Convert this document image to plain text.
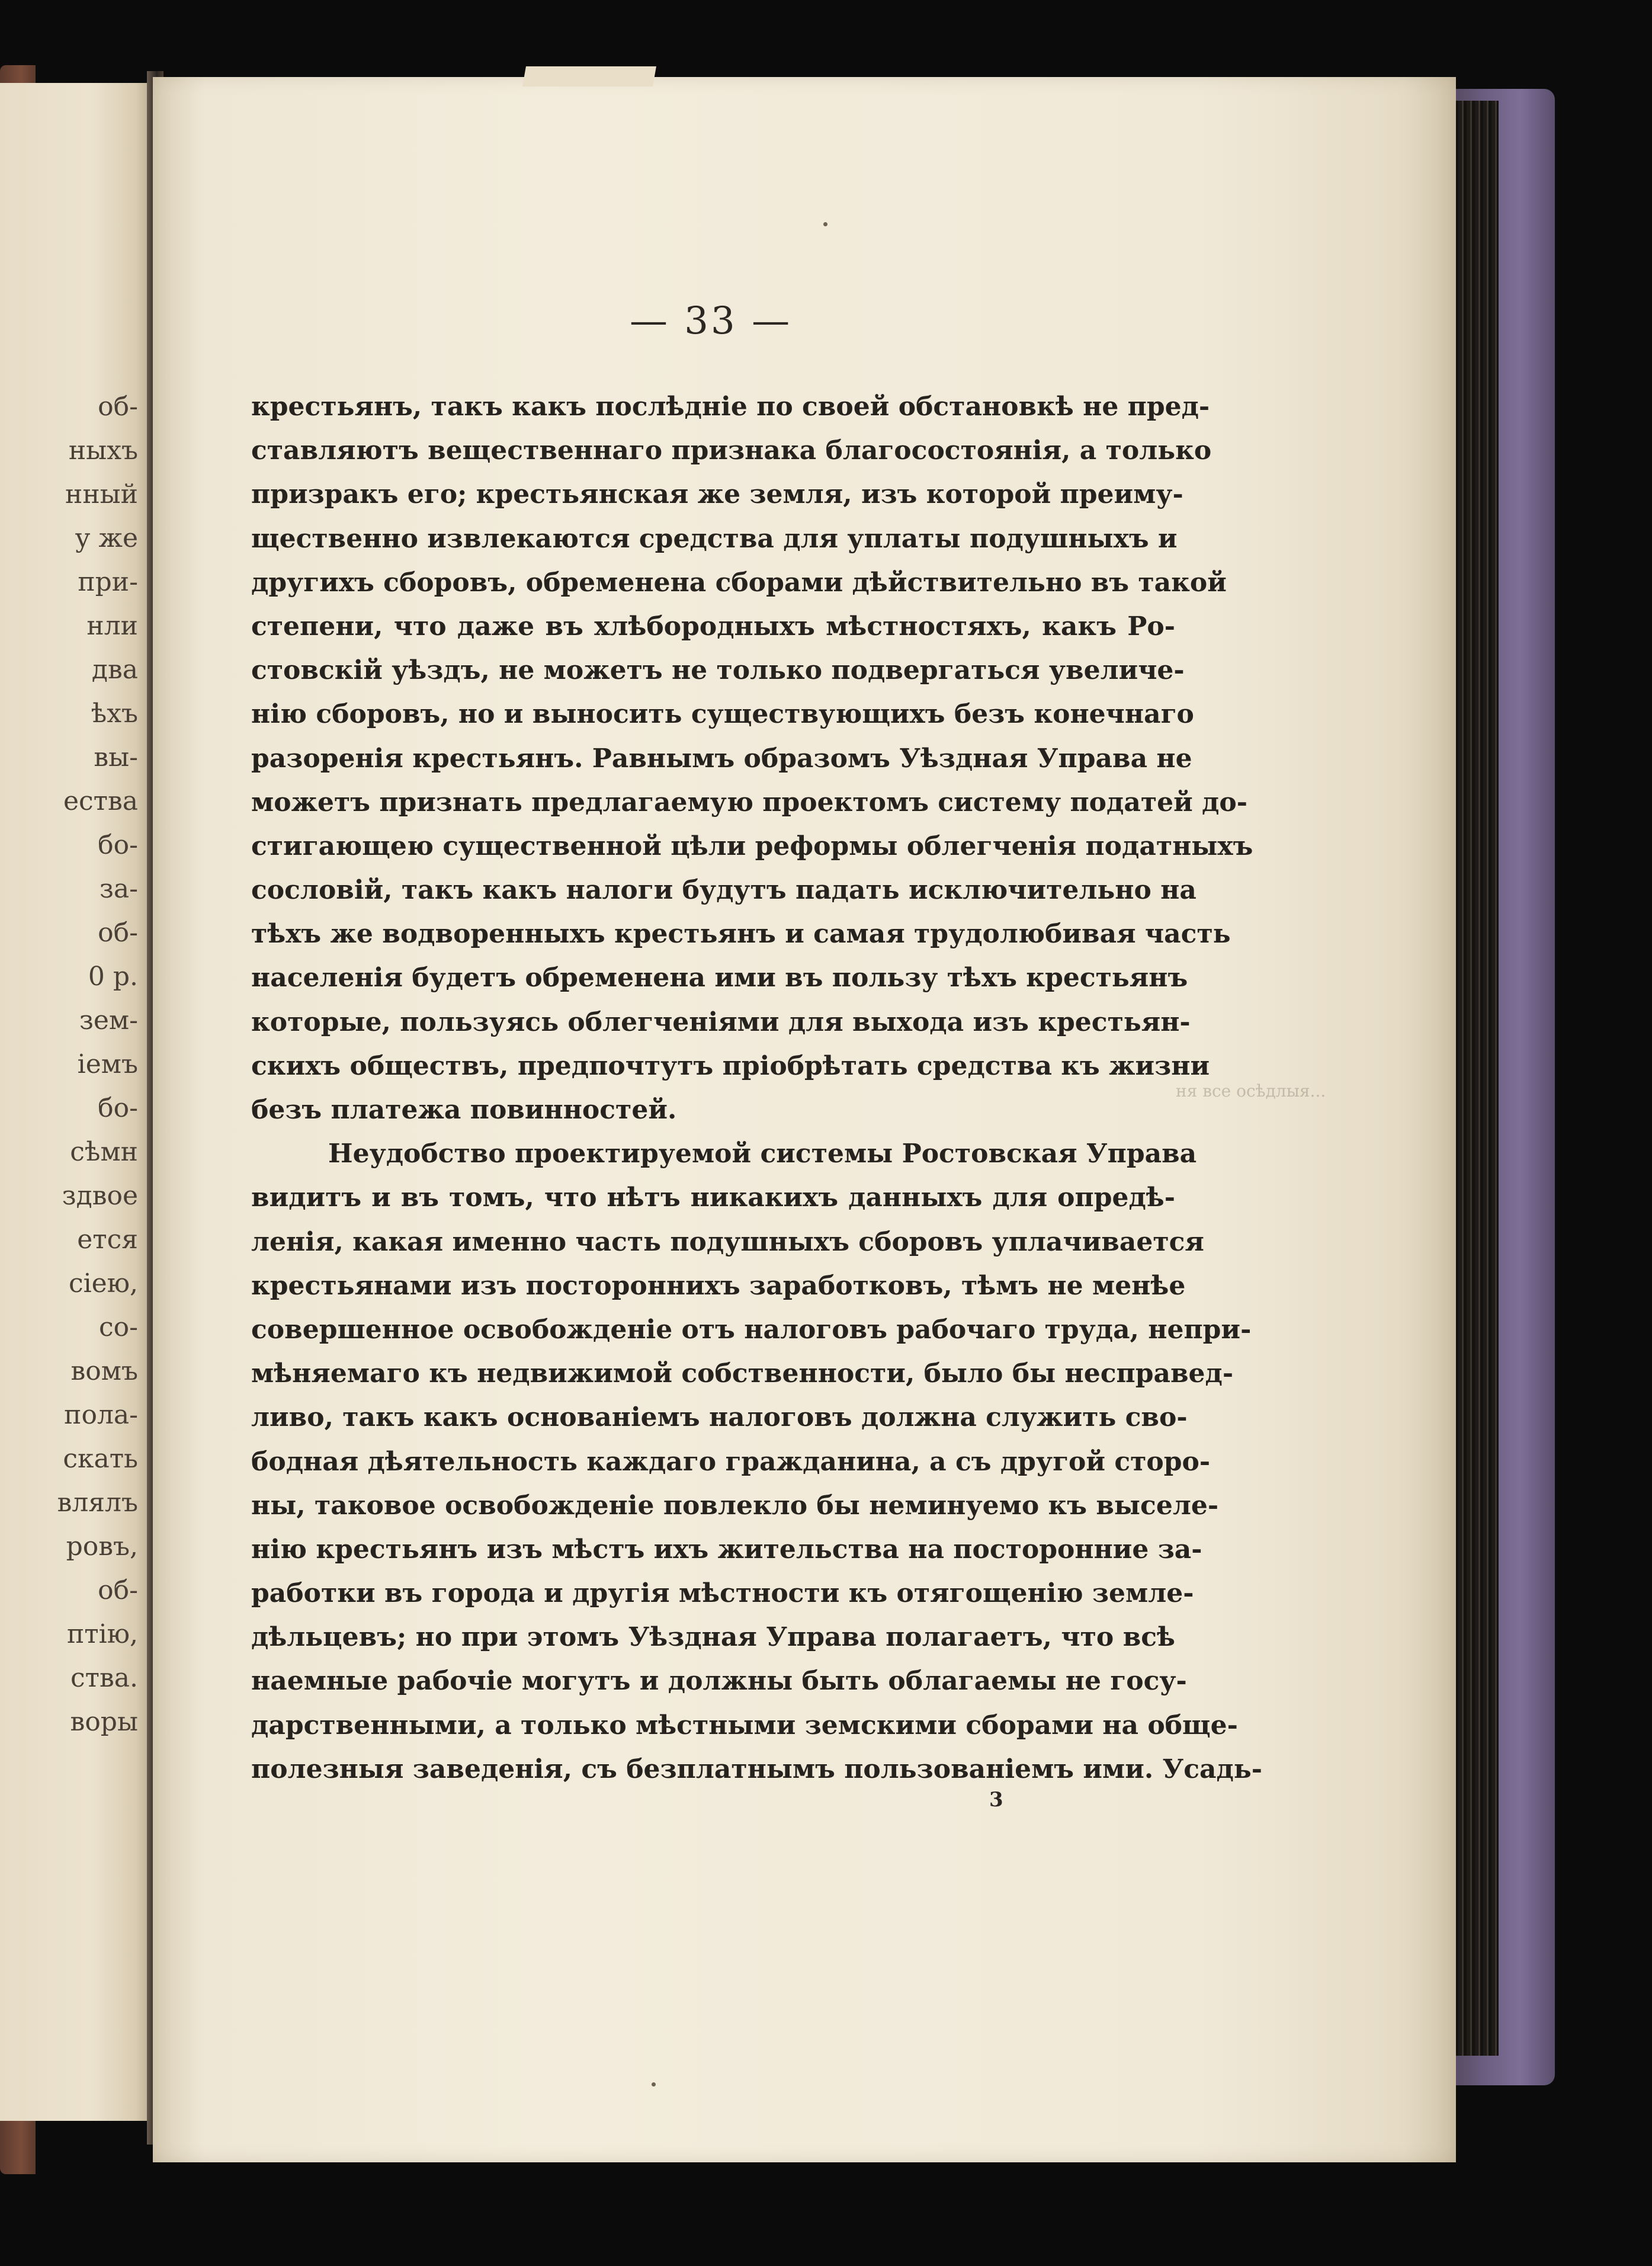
об-
ныхъ
нный
у же
при-
нли
два
ѣхъ
вы-
ества
бо-
за-
об-
0 р.
зем-
iемъ
бо-
сѣмн
здвое
ется
сiею,
со-
вомъ
пола-
скать
влялъ
ровъ,
об-
птiю,
ства.
воры
— 33 —
крестьянъ, такъ какъ послѣднiе по своей обстановкѣ не пред-
ставляютъ вещественнаго признака благосостоянiя, а только
призракъ его; крестьянская же земля, изъ которой преиму-
щественно извлекаются средства для уплаты подушныхъ и
другихъ сборовъ, обременена сборами дѣйствительно въ такой
степени, что даже въ хлѣбородныхъ мѣстностяхъ, какъ Ро-
стовскiй уѣздъ, не можетъ не только подвергаться увеличе-
нiю сборовъ, но и выносить существующихъ безъ конечнаго
разоренiя крестьянъ. Равнымъ образомъ Уѣздная Управа не
можетъ признать предлагаемую проектомъ систему податей до-
стигающею существенной цѣли реформы облегченiя податныхъ
сословiй, такъ какъ налоги будутъ падать исключительно на
тѣхъ же водворенныхъ крестьянъ и самая трудолюбивая часть
населенiя будетъ обременена ими въ пользу тѣхъ крестьянъ
которые, пользуясь облегченiями для выхода изъ крестьян-
скихъ обществъ, предпочтутъ прiобрѣтать средства къ жизни
безъ платежа повинностей.
Неудобство проектируемой системы Ростовская Управа
видитъ и въ томъ, что нѣтъ никакихъ данныхъ для опредѣ-
ленiя, какая именно часть подушныхъ сборовъ уплачивается
крестьянами изъ постороннихъ заработковъ, тѣмъ не менѣе
совершенное освобожденiе отъ налоговъ рабочаго труда, непри-
мѣняемаго къ недвижимой собственности, было бы несправед-
ливо, такъ какъ основанiемъ налоговъ должна служить сво-
бодная дѣятельность каждаго гражданина, а съ другой сторо-
ны, таковое освобожденiе повлекло бы неминуемо къ выселе-
нiю крестьянъ изъ мѣстъ ихъ жительства на посторонние за-
работки въ города и другiя мѣстности къ отягощенiю земле-
дѣльцевъ; но при этомъ Уѣздная Управа полагаетъ, что всѣ
наемные рабочiе могутъ и должны быть облагаемы не госу-
дарственными, а только мѣстными земскими сборами на обще-
полезныя заведенiя, съ безплатнымъ пользованiемъ ими. Усадь-
ня все осѣдлыя...
3
